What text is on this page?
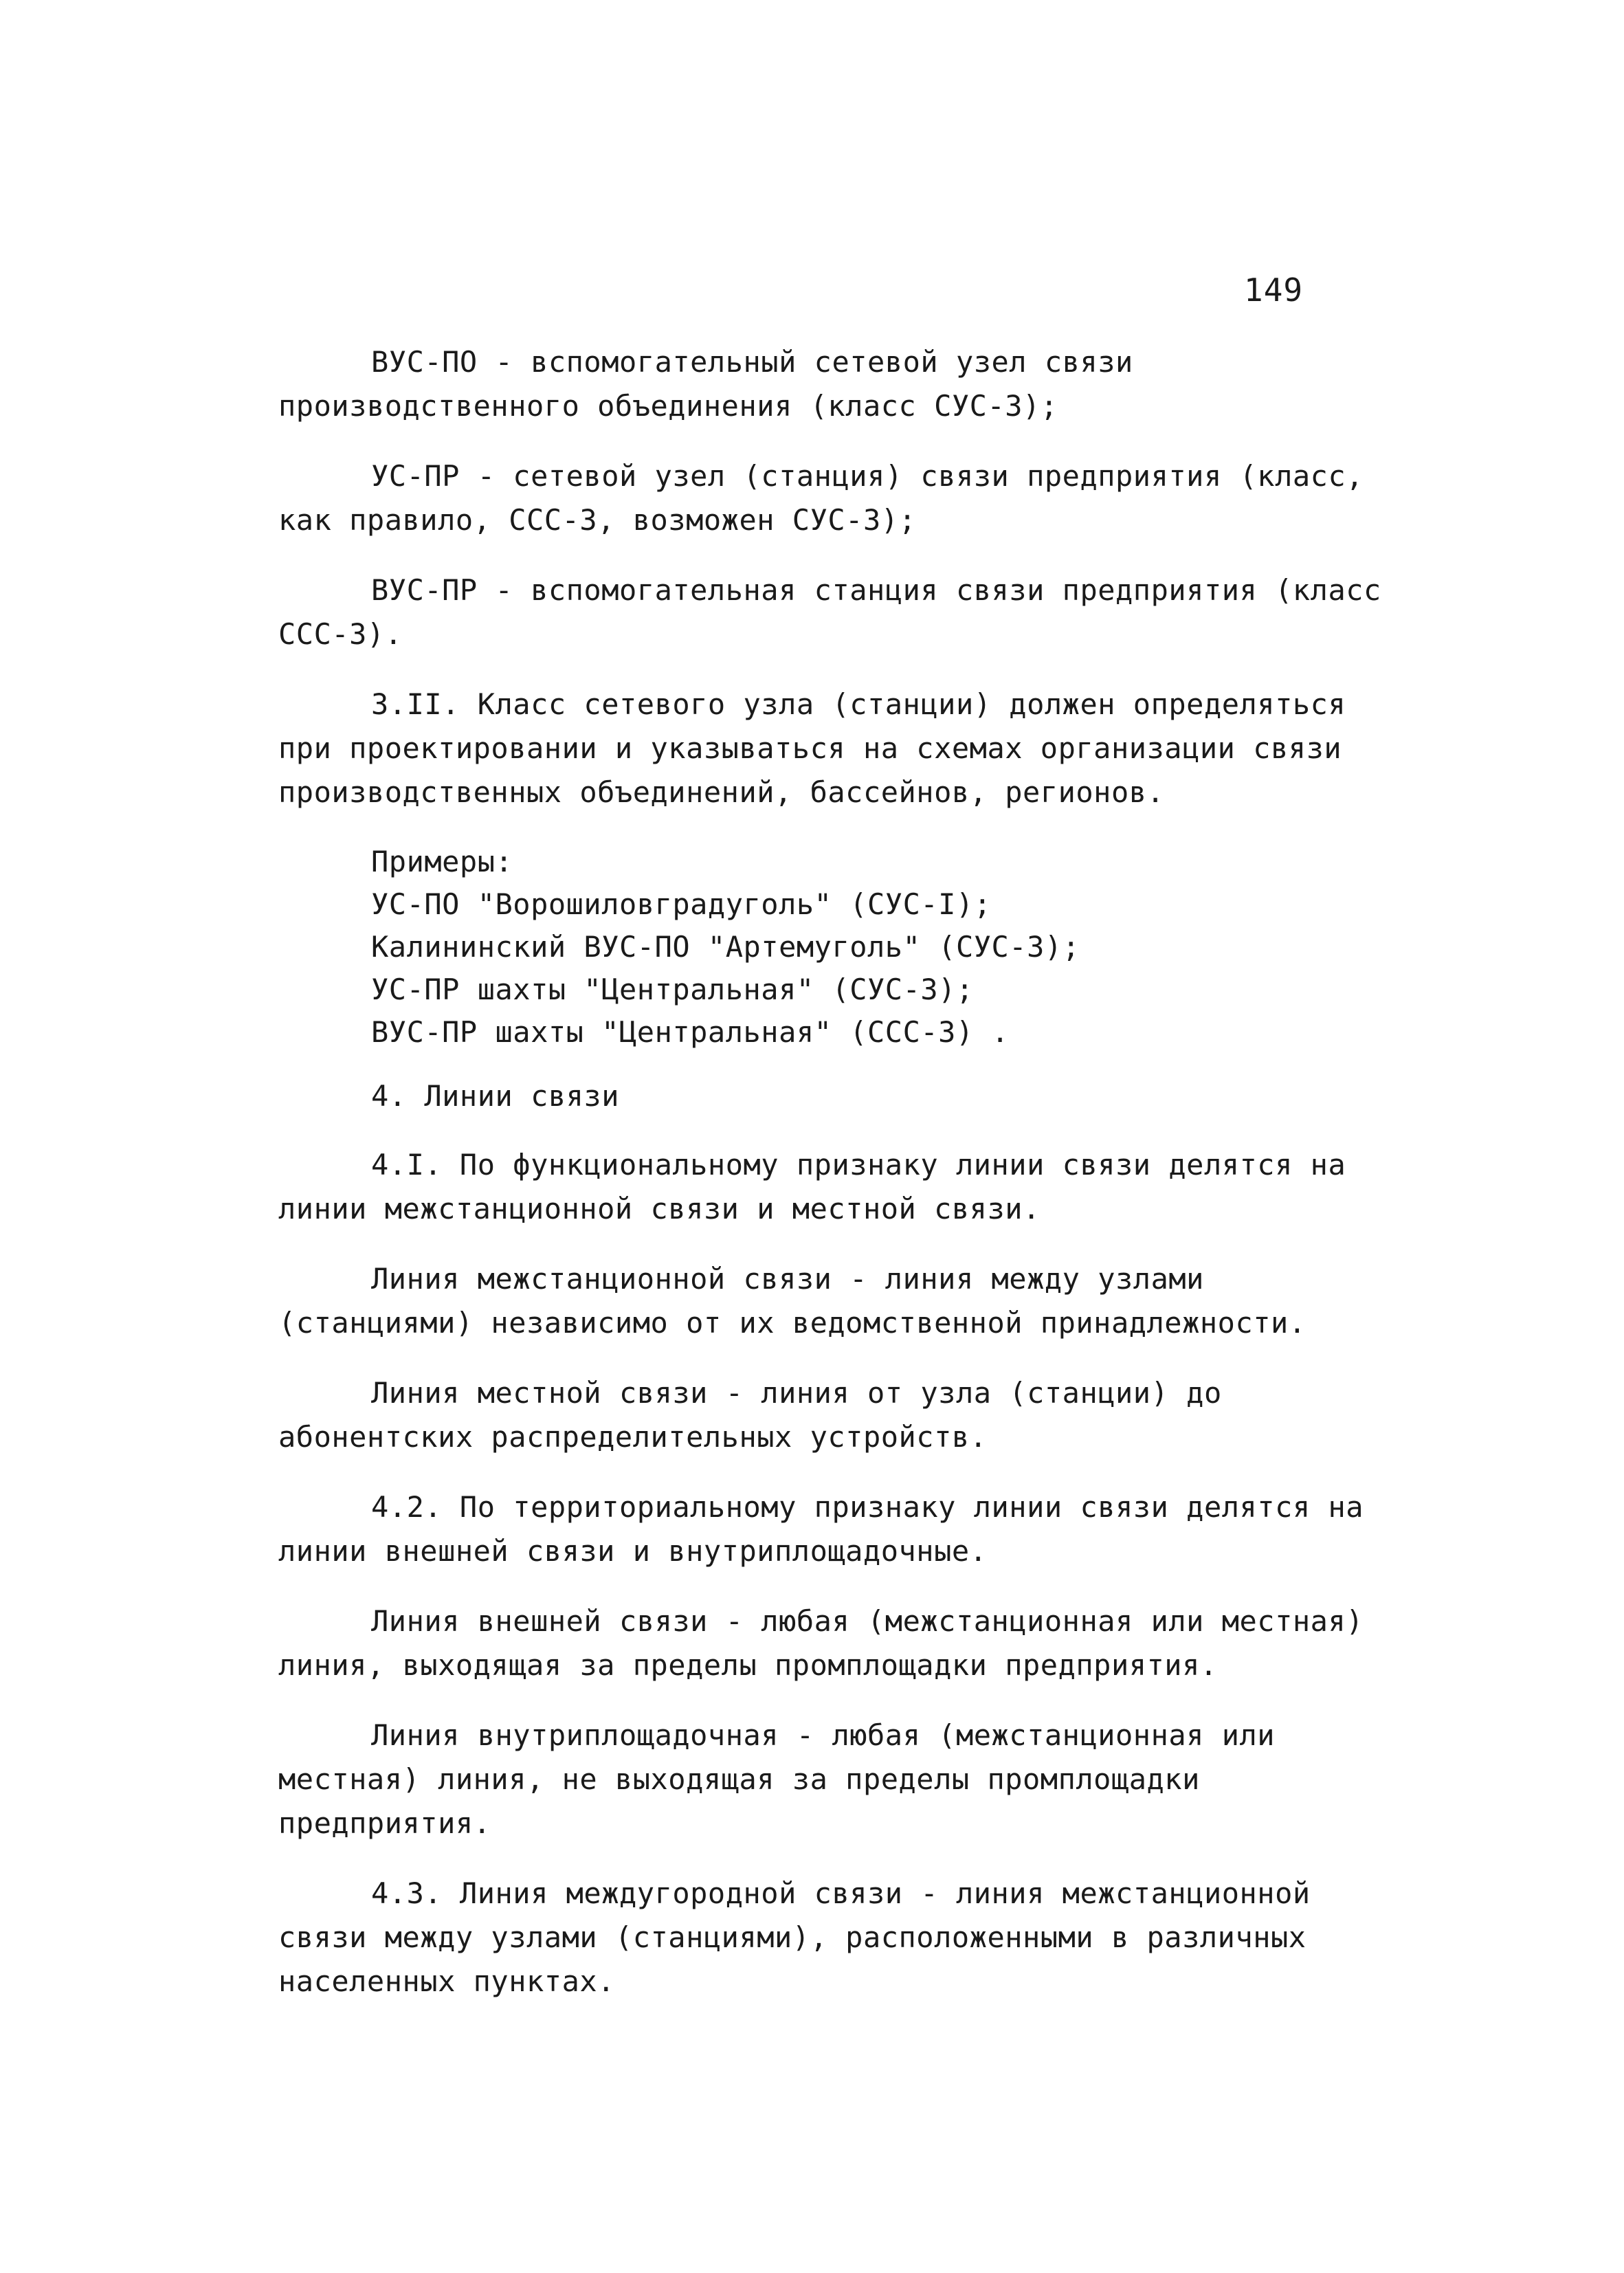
149

ВУС-ПО - вспомогательный сетевой узел связи производственного объединения (класс СУС-3);

УС-ПР - сетевой узел (станция) связи предприятия (класс, как правило, ССС-3, возможен СУС-3);

ВУС-ПР - вспомогательная станция связи предприятия (класс ССС-3).

3.II. Класс сетевого узла (станции) должен определяться при проектировании и указываться на схемах организации связи производственных объединений, бассейнов, регионов.

Примеры:

УС-ПО "Ворошиловградуголь" (СУС-I);

Калининский ВУС-ПО "Артемуголь" (СУС-3);

УС-ПР шахты "Центральная" (СУС-3);

ВУС-ПР шахты "Центральная" (ССС-3) .

4. Линии связи

4.I. По функциональному признаку линии связи делятся на линии межстанционной связи и местной связи.

Линия межстанционной связи - линия между узлами (станциями) независимо от их ведомственной принадлежности.

Линия местной связи - линия от узла (станции) до абонентских распределительных устройств.

4.2. По территориальному признаку линии связи делятся на линии внешней связи и внутриплощадочные.

Линия внешней связи - любая (межстанционная или местная) линия, выходящая за пределы промплощадки предприятия.

Линия внутриплощадочная - любая (межстанционная или местная) линия, не выходящая за пределы промплощадки предприятия.

4.3. Линия междугородной связи - линия межстанционной связи между узлами (станциями), расположенными в различных населенных пунктах.
